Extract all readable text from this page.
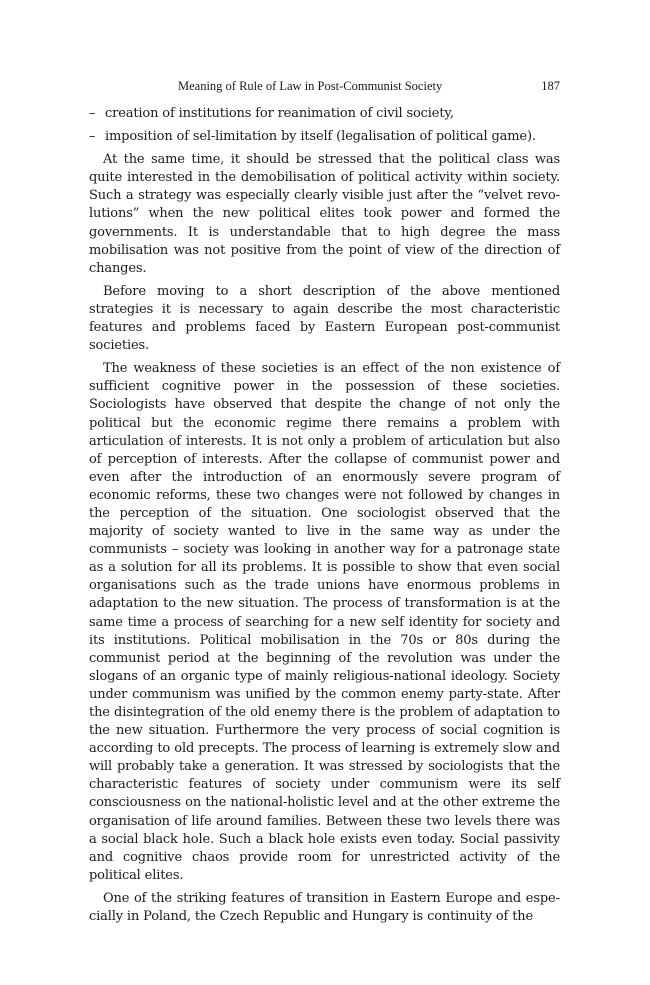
Meaning of Rule of Law in Post-Communist Society	187
– creation of institutions for reanimation of civil society,
– imposition of sel-limitation by itself (legalisation of political game).

At the same time, it should be stressed that the political class was quite interested in the demobilisation of political activity within society. Such a strategy was especially clearly visible just after the “velvet revolutions” when the new political elites took power and formed the governments. It is understandable that to high degree the mass mobilisation was not positive from the point of view of the direction of changes.

Before moving to a short description of the above mentioned strategies it is necessary to again describe the most characteristic features and problems faced by Eastern European post-communist societies.

The weakness of these societies is an effect of the non existence of sufficient cognitive power in the possession of these societies. Sociologists have observed that despite the change of not only the political but the economic regime there remains a problem with articulation of interests. It is not only a problem of articulation but also of perception of interests. After the collapse of communist power and even after the introduction of an enormously severe program of economic reforms, these two changes were not followed by changes in the perception of the situation. One sociologist observed that the majority of society wanted to live in the same way as under the communists – society was looking in another way for a patronage state as a solution for all its problems. It is possible to show that even social organisations such as the trade unions have enormous problems in adaptation to the new situation. The process of transformation is at the same time a process of searching for a new self identity for society and its institutions. Political mobilisation in the 70s or 80s during the communist period at the beginning of the revolution was under the slogans of an organic type of mainly religious-national ideology. Society under communism was unified by the common enemy party-state. After the disintegration of the old enemy there is the problem of adaptation to the new situation. Furthermore the very process of social cognition is according to old precepts. The process of learning is extremely slow and will probably take a generation. It was stressed by sociologists that the characteristic features of society under communism were its self consciousness on the national-holistic level and at the other extreme the organisation of life around families. Between these two levels there was a social black hole. Such a black hole exists even today. Social passivity and cognitive chaos provide room for unrestricted activity of the political elites.

One of the striking features of transition in Eastern Europe and especially in Poland, the Czech Republic and Hungary is continuity of the
